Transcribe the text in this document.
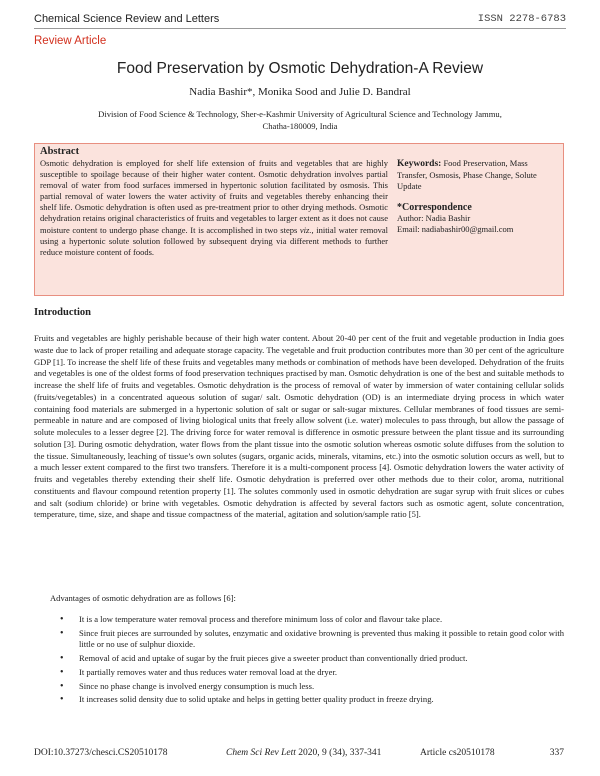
Chemical Science Review and Letters	ISSN 2278-6783
Review Article
Food Preservation by Osmotic Dehydration-A Review
Nadia Bashir*, Monika Sood and Julie D. Bandral
Division of Food Science & Technology, Sher-e-Kashmir University of Agricultural Science and Technology Jammu,
Chatha-180009, India
Abstract
Osmotic dehydration is employed for shelf life extension of fruits and vegetables that are highly susceptible to spoilage because of their higher water content. Osmotic dehydration involves partial removal of water from food surfaces immersed in hypertonic solution facilitated by osmosis. This partial removal of water lowers the water activity of fruits and vegetables thereby enhancing their shelf life. Osmotic dehydration is often used as pre-treatment prior to other drying methods. Osmotic dehydration retains original characteristics of fruits and vegetables to larger extent as it does not cause moisture content to undergo phase change. It is accomplished in two steps viz., initial water removal using a hypertonic solute solution followed by subsequent drying via different methods to further reduce moisture content of foods.
Keywords: Food Preservation, Mass Transfer, Osmosis, Phase Change, Solute Update
*Correspondence
Author: Nadia Bashir
Email: nadiabashir00@gmail.com
Introduction
Fruits and vegetables are highly perishable because of their high water content. About 20-40 per cent of the fruit and vegetable production in India goes waste due to lack of proper retailing and adequate storage capacity. The vegetable and fruit production contributes more than 30 per cent of the agriculture GDP [1]. To increase the shelf life of these fruits and vegetables many methods or combination of methods have been developed. Dehydration of the fruits and vegetables is one of the oldest forms of food preservation techniques practised by man. Osmotic dehydration is one of the best and suitable methods to increase the shelf life of fruits and vegetables. Osmotic dehydration is the process of removal of water by immersion of water containing cellular solids (fruits/vegetables) in a concentrated aqueous solution of sugar/ salt. Osmotic dehydration (OD) is an intermediate drying process in which water containing food materials are submerged in a hypertonic solution of salt or sugar or salt-sugar mixtures. Cellular membranes of food tissues are semi-permeable in nature and are composed of living biological units that freely allow solvent (i.e. water) molecules to pass through, but allow the passage of solute molecules to a lesser degree [2]. The driving force for water removal is difference in osmotic pressure between the plant tissue and its surrounding solution [3]. During osmotic dehydration, water flows from the plant tissue into the osmotic solution whereas osmotic solute diffuses from the solution to the tissue. Simultaneously, leaching of tissue’s own solutes (sugars, organic acids, minerals, vitamins, etc.) into the osmotic solution occurs as well, but to a much lesser extent compared to the first two transfers. Therefore it is a multi-component process [4]. Osmotic dehydration lowers the water activity of fruits and vegetables thereby extending their shelf life. Osmotic dehydration is preferred over other methods due to their color, aroma, nutritional constituents and flavour compound retention property [1]. The solutes commonly used in osmotic dehydration are sugar syrup with fruit slices or cubes and salt (sodium chloride) or brine with vegetables. Osmotic dehydration is affected by several factors such as osmotic agent, solute concentration, temperature, time, size, and shape and tissue compactness of the material, agitation and solution/sample ratio [5].
Advantages of osmotic dehydration are as follows [6]:
• It is a low temperature water removal process and therefore minimum loss of color and flavour take place.
• Since fruit pieces are surrounded by solutes, enzymatic and oxidative browning is prevented thus making it possible to retain good color with little or no use of sulphur dioxide.
• Removal of acid and uptake of sugar by the fruit pieces give a sweeter product than conventionally dried product.
• It partially removes water and thus reduces water removal load at the dryer.
• Since no phase change is involved energy consumption is much less.
• It increases solid density due to solid uptake and helps in getting better quality product in freeze drying.
DOI:10.37273/chesci.CS20510178	Chem Sci Rev Lett 2020, 9 (34), 337-341	Article cs20510178	337
